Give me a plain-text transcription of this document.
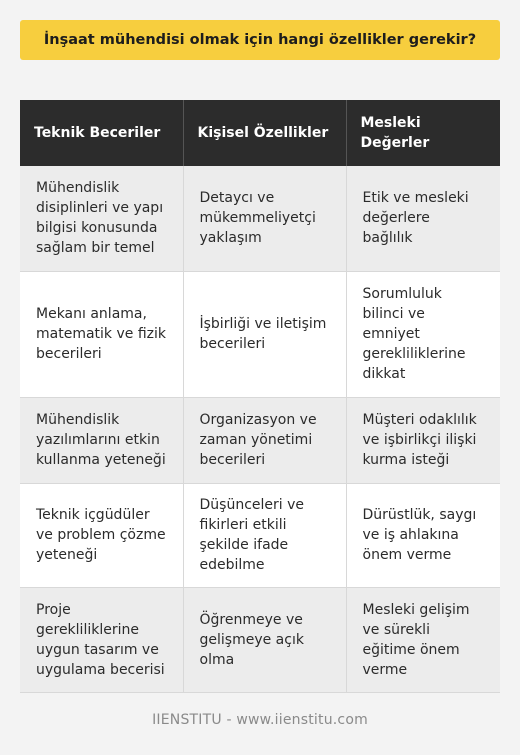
İnşaat mühendisi olmak için hangi özellikler gerekir?
Teknik Beceriler	Kişisel Özellikler	Mesleki Değerler
Mühendislik disiplinleri ve yapı bilgisi konusunda sağlam bir temel	Detaycı ve mükemmeliyetçi yaklaşım	Etik ve mesleki değerlere bağlılık
Mekanı anlama, matematik ve fizik becerileri	İşbirliği ve iletişim becerileri	Sorumluluk bilinci ve emniyet gerekliliklerine dikkat
Mühendislik yazılımlarını etkin kullanma yeteneği	Organizasyon ve zaman yönetimi becerileri	Müşteri odaklılık ve işbirlikçi ilişki kurma isteği
Teknik içgüdüler ve problem çözme yeteneği	Düşünceleri ve fikirleri etkili şekilde ifade edebilme	Dürüstlük, saygı ve iş ahlakına önem verme
Proje gerekliliklerine uygun tasarım ve uygulama becerisi	Öğrenmeye ve gelişmeye açık olma	Mesleki gelişim ve sürekli eğitime önem verme
IIENSTITU - www.iienstitu.com
